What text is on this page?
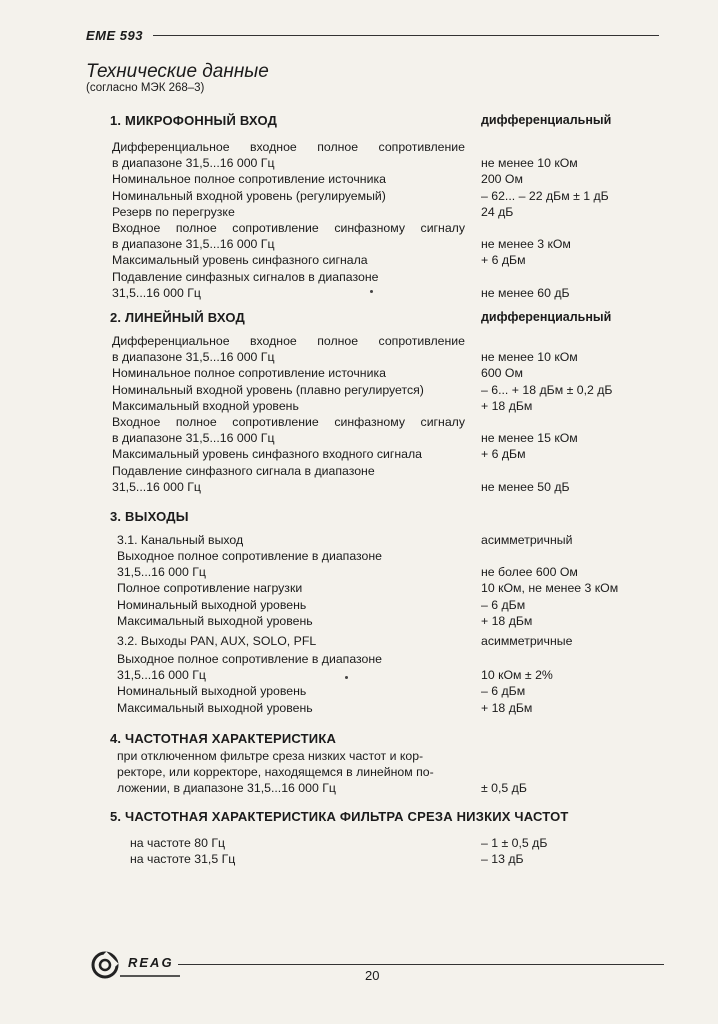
EME 593
Технические данные
(согласно МЭК 268–3)
1. МИКРОФОННЫЙ ВХОД	дифференциальный
Дифференциальное входное полное сопротивление
в диапазоне 31,5...16 000 Гц	не менее 10 кОм
Номинальное полное сопротивление источника	200 Ом
Номинальный входной уровень (регулируемый)	– 62... – 22 дБм ± 1 дБ
Резерв по перегрузке	24 дБ
Входное полное сопротивление синфазному сигналу
в диапазоне 31,5...16 000 Гц	не менее 3 кОм
Максимальный уровень синфазного сигнала	+ 6 дБм
Подавление синфазных сигналов в диапазоне
31,5...16 000 Гц	не менее 60 дБ
2. ЛИНЕЙНЫЙ ВХОД	дифференциальный
Дифференциальное входное полное сопротивление
в диапазоне 31,5...16 000 Гц	не менее 10 кОм
Номинальное полное сопротивление источника	600 Ом
Номинальный входной уровень (плавно регулируется)	– 6... + 18 дБм ± 0,2 дБ
Максимальный входной уровень	+ 18 дБм
Входное полное сопротивление синфазному сигналу
в диапазоне 31,5...16 000 Гц	не менее 15 кОм
Максимальный уровень синфазного входного сигнала	+ 6 дБм
Подавление синфазного сигнала в диапазоне
31,5...16 000 Гц	не менее 50 дБ
3. ВЫХОДЫ
3.1. Канальный выход	асимметричный
Выходное полное сопротивление в диапазоне
31,5...16 000 Гц	не более 600 Ом
Полное сопротивление нагрузки	10 кОм, не менее 3 кОм
Номинальный выходной уровень	– 6 дБм
Максимальный выходной уровень	+ 18 дБм
3.2. Выходы PAN, AUX, SOLO, PFL	асимметричные
Выходное полное сопротивление в диапазоне
31,5...16 000 Гц	10 кОм ± 2%
Номинальный выходной уровень	– 6 дБм
Максимальный выходной уровень	+ 18 дБм
4. ЧАСТОТНАЯ ХАРАКТЕРИСТИКА
при отключенном фильтре среза низких частот и кор-
ректоре, или корректоре, находящемся в линейном по-
ложении, в диапазоне 31,5...16 000 Гц	± 0,5 дБ
5. ЧАСТОТНАЯ ХАРАКТЕРИСТИКА ФИЛЬТРА СРЕЗА НИЗКИХ ЧАСТОТ
на частоте 80 Гц	– 1 ± 0,5 дБ
на частоте 31,5 Гц	– 13 дБ
REAG
20
